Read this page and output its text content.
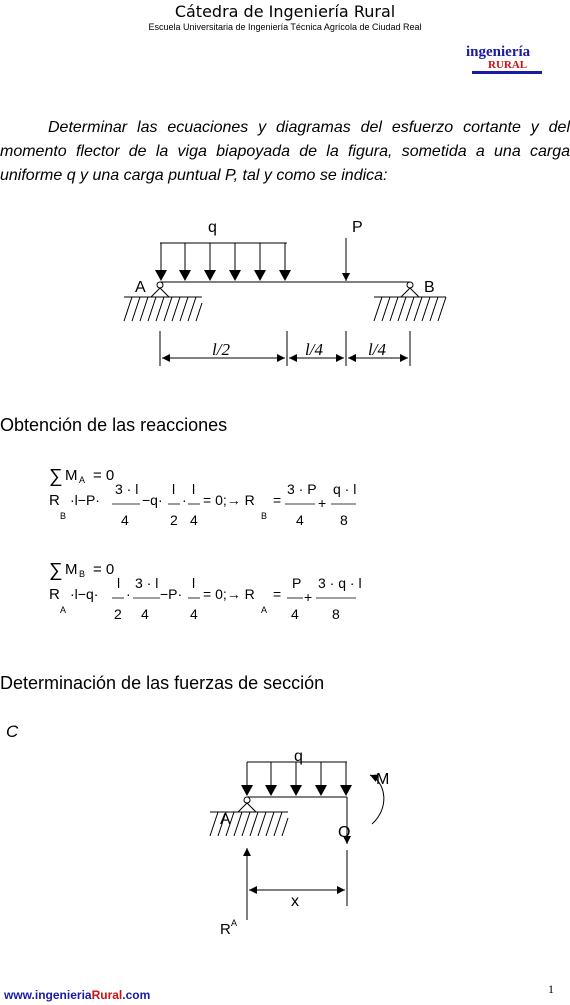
Cátedra de Ingeniería Rural
Escuela Universitaria de Ingeniería Técnica Agrícola de Ciudad Real
ingeniería
RURAL
Determinar las ecuaciones y diagramas del esfuerzo cortante y del momento flector de la viga biapoyada de la figura, sometida a una carga uniforme q y una carga puntual P, tal y como se indica:
q	P
A	B
l/2	l/4	l/4
Obtención de las reacciones
∑ M A = 0
R
B
·l−P·
3 · l
4
−q·
l
2
·
l
4
= 0;→ R
B
=
3 · P
4
+
q · l
8
∑ M B = 0
R
A
·l−q·
l
2
·
3 · l
4
−P·
l
4
= 0;→ R
A
=
P
4
+
3 · q · l
8
Determinación de las fuerzas de sección
C
q
A
M
Q
x
R A
www.ingenieriaRural.com	1
